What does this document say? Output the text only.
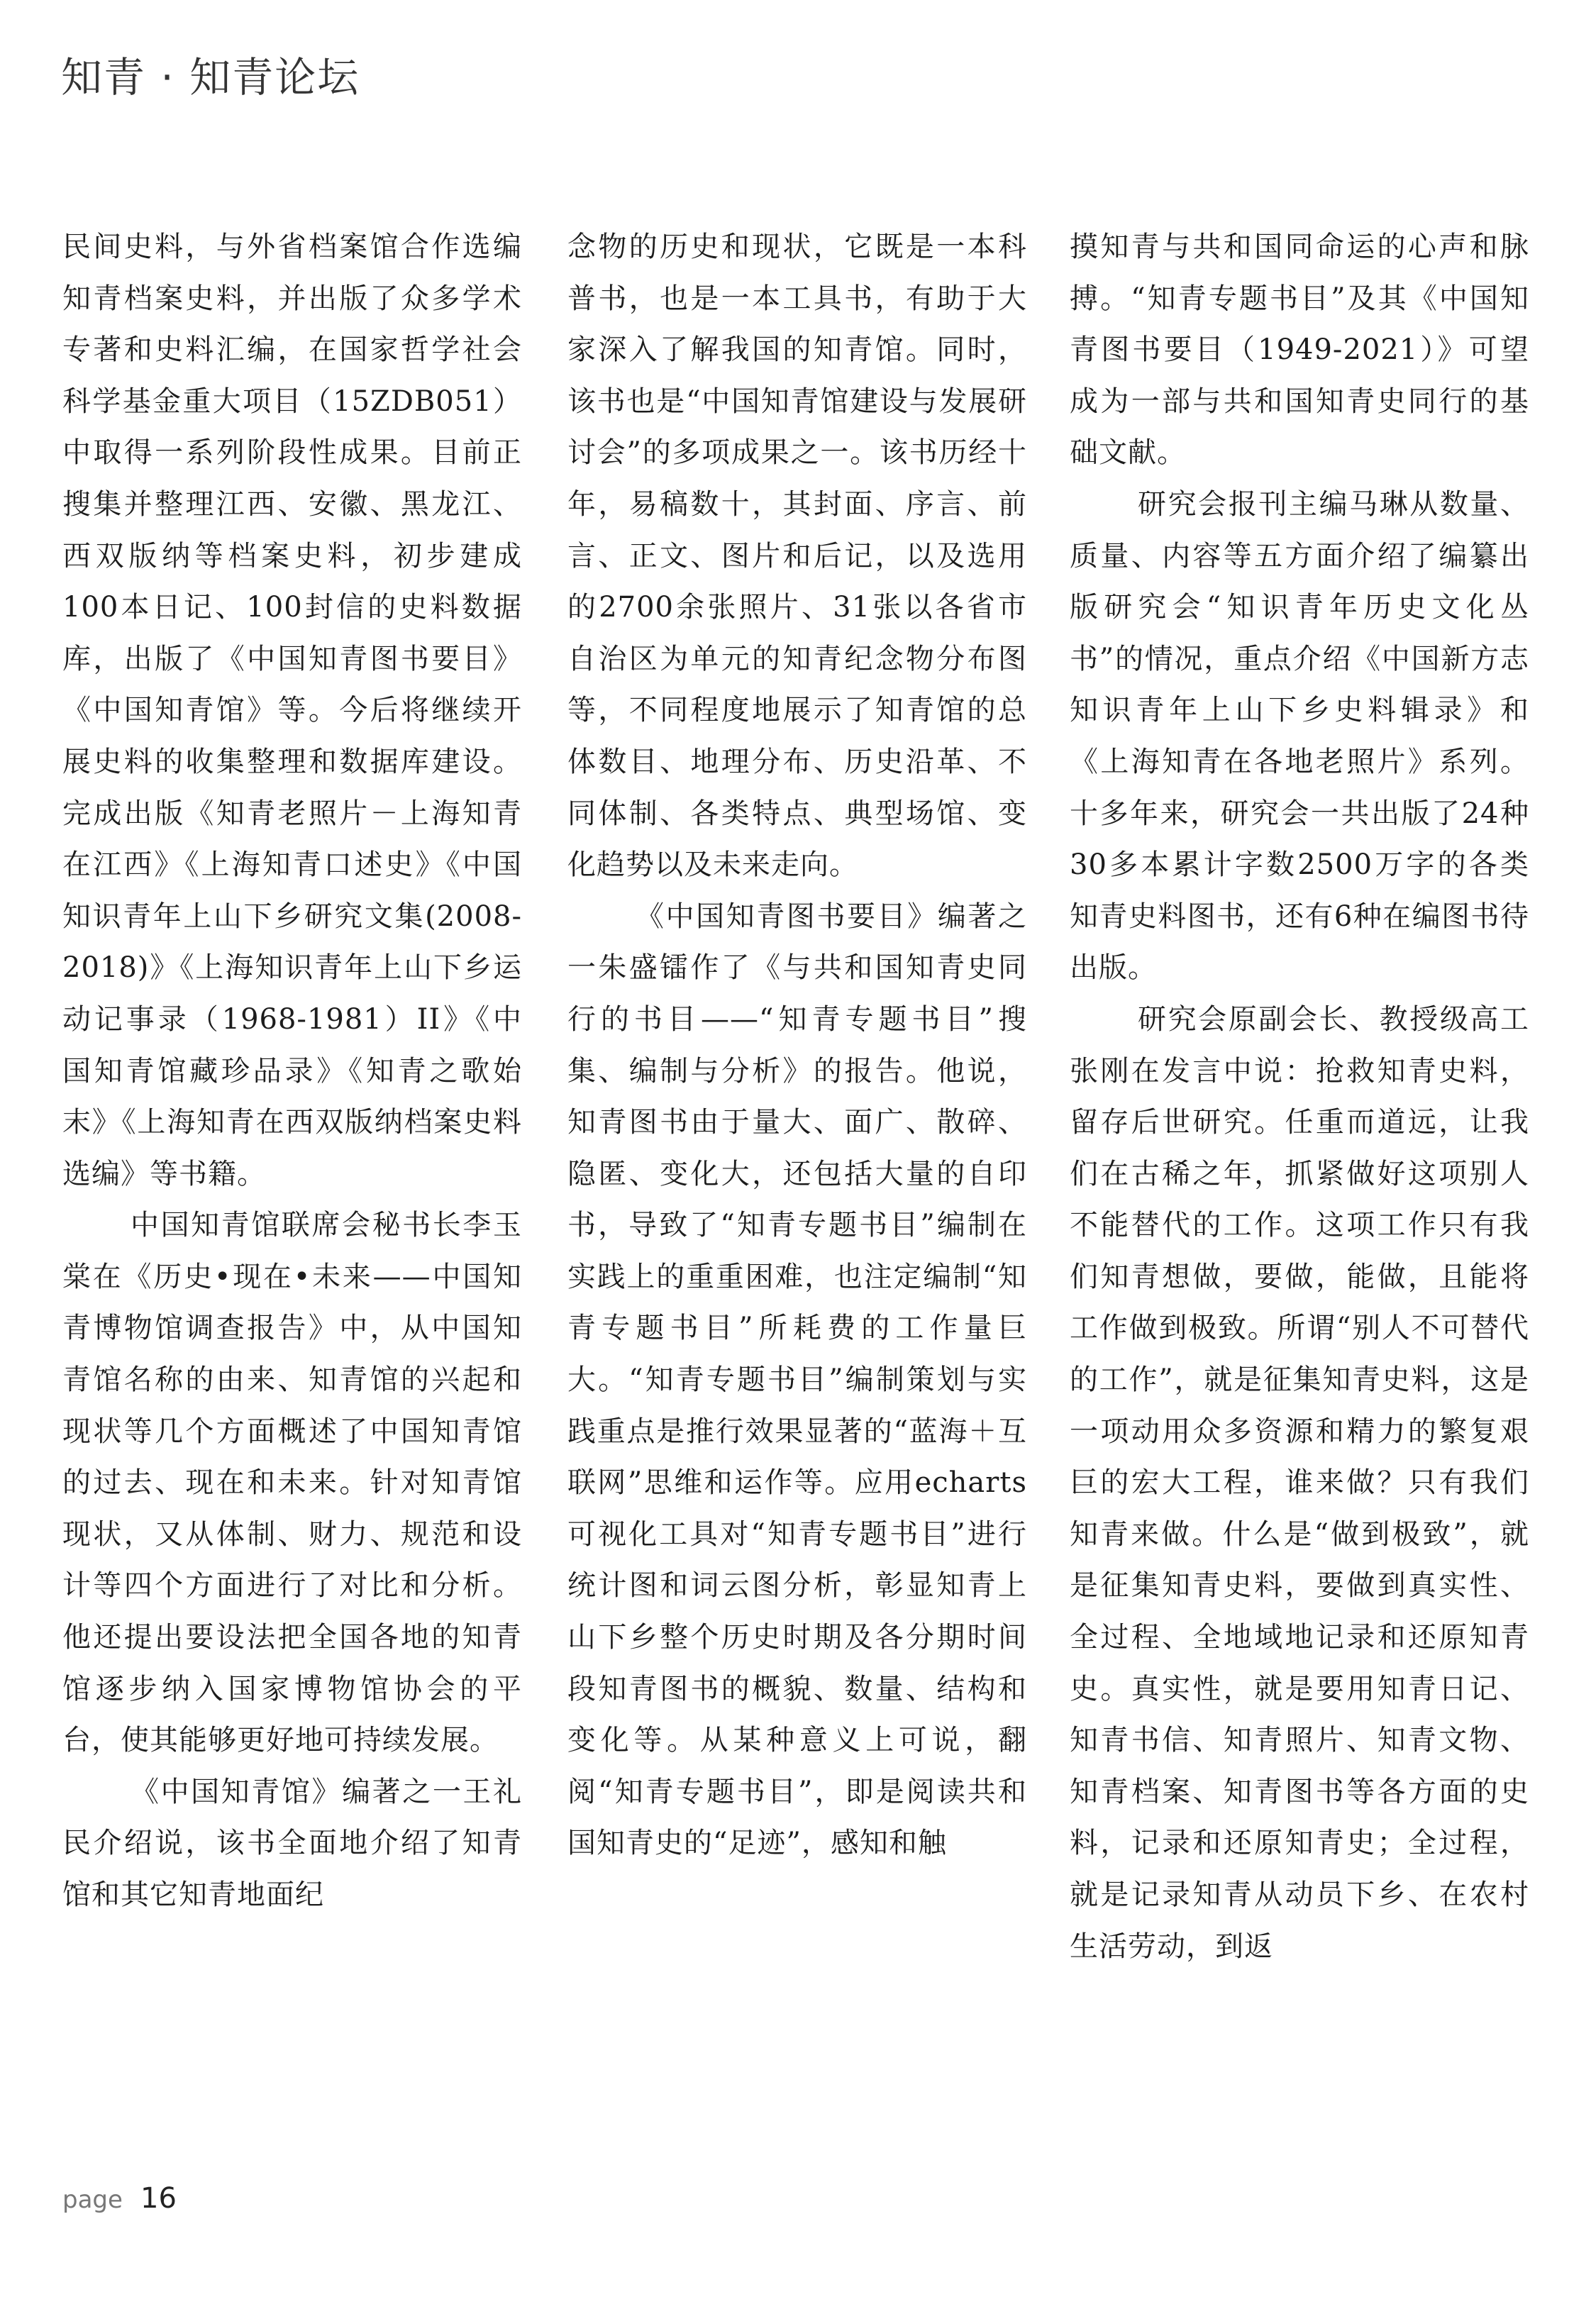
知青 · 知青论坛

民间史料，与外省档案馆合作选编知青档案史料，并出版了众多学术专著和史料汇编，在国家哲学社会科学基金重大项目（15ZDB051）中取得一系列阶段性成果。目前正搜集并整理江西、安徽、黑龙江、西双版纳等档案史料，初步建成100本日记、100封信的史料数据库，出版了《中国知青图书要目》《中国知青馆》等。今后将继续开展史料的收集整理和数据库建设。完成出版《知青老照片－上海知青在江西》《上海知青口述史》《中国知识青年上山下乡研究文集(2008-2018)》《上海知识青年上山下乡运动记事录（1968-1981）II》《中国知青馆藏珍品录》《知青之歌始末》《上海知青在西双版纳档案史料选编》等书籍。

中国知青馆联席会秘书长李玉棠在《历史•现在•未来——中国知青博物馆调查报告》中，从中国知青馆名称的由来、知青馆的兴起和现状等几个方面概述了中国知青馆的过去、现在和未来。针对知青馆现状，又从体制、财力、规范和设计等四个方面进行了对比和分析。他还提出要设法把全国各地的知青馆逐步纳入国家博物馆协会的平台，使其能够更好地可持续发展。

《中国知青馆》编著之一王礼民介绍说，该书全面地介绍了知青馆和其它知青地面纪

念物的历史和现状，它既是一本科普书，也是一本工具书，有助于大家深入了解我国的知青馆。同时，该书也是“中国知青馆建设与发展研讨会”的多项成果之一。该书历经十年，易稿数十，其封面、序言、前言、正文、图片和后记，以及选用的2700余张照片、31张以各省市自治区为单元的知青纪念物分布图等，不同程度地展示了知青馆的总体数目、地理分布、历史沿革、不同体制、各类特点、典型场馆、变化趋势以及未来走向。

《中国知青图书要目》编著之一朱盛镭作了《与共和国知青史同行的书目——“知青专题书目”搜集、编制与分析》的报告。他说，知青图书由于量大、面广、散碎、隐匿、变化大，还包括大量的自印书，导致了“知青专题书目”编制在实践上的重重困难，也注定编制“知青专题书目”所耗费的工作量巨大。“知青专题书目”编制策划与实践重点是推行效果显著的“蓝海＋互联网”思维和运作等。应用echarts可视化工具对“知青专题书目”进行统计图和词云图分析，彰显知青上山下乡整个历史时期及各分期时间段知青图书的概貌、数量、结构和变化等。从某种意义上可说，翻阅“知青专题书目”，即是阅读共和国知青史的“足迹”，感知和触

摸知青与共和国同命运的心声和脉搏。“知青专题书目”及其《中国知青图书要目（1949-2021）》可望成为一部与共和国知青史同行的基础文献。

研究会报刊主编马琳从数量、质量、内容等五方面介绍了编纂出版研究会“知识青年历史文化丛书”的情况，重点介绍《中国新方志知识青年上山下乡史料辑录》和《上海知青在各地老照片》系列。十多年来，研究会一共出版了24种30多本累计字数2500万字的各类知青史料图书，还有6种在编图书待出版。

研究会原副会长、教授级高工张刚在发言中说：抢救知青史料，留存后世研究。任重而道远，让我们在古稀之年，抓紧做好这项别人不能替代的工作。这项工作只有我们知青想做，要做，能做，且能将工作做到极致。所谓“别人不可替代的工作”，就是征集知青史料，这是一项动用众多资源和精力的繁复艰巨的宏大工程，谁来做？只有我们知青来做。什么是“做到极致”，就是征集知青史料，要做到真实性、全过程、全地域地记录和还原知青史。真实性，就是要用知青日记、知青书信、知青照片、知青文物、知青档案、知青图书等各方面的史料，记录和还原知青史；全过程，就是记录知青从动员下乡、在农村生活劳动，到返

page 16
